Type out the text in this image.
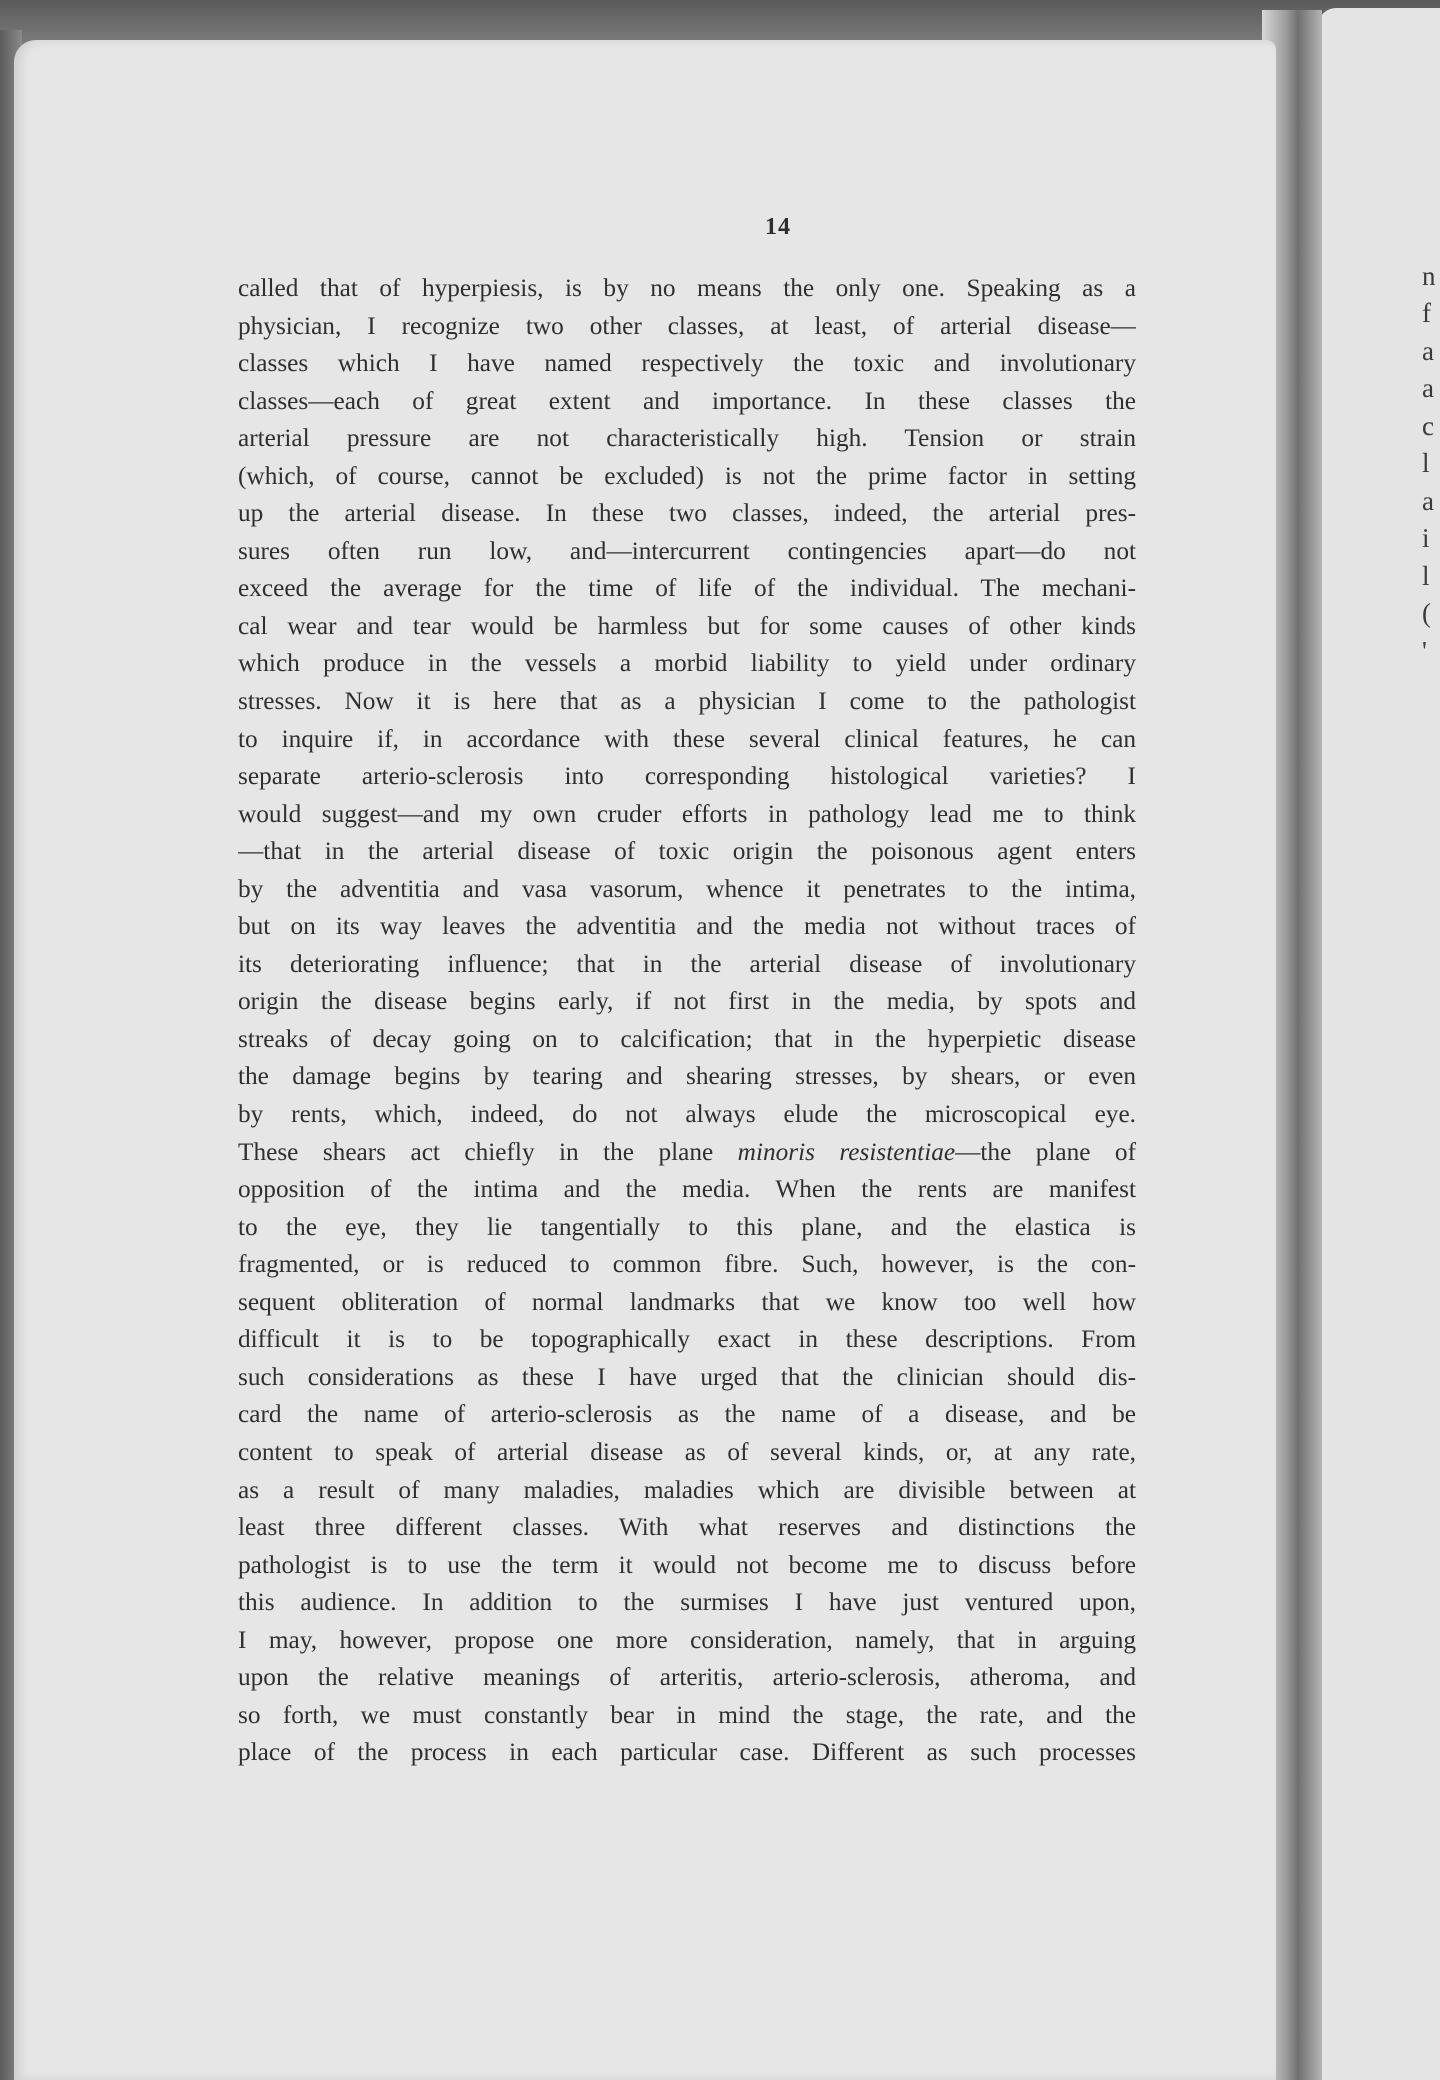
n
f
a
a
c
l
a
i
l
(
'
14
called that of hyperpiesis, is by no means the only one. Speaking as a
physician, I recognize two other classes, at least, of arterial disease—
classes which I have named respectively the toxic and involutionary
classes—each of great extent and importance. In these classes the
arterial pressure are not characteristically high. Tension or strain
(which, of course, cannot be excluded) is not the prime factor in setting
up the arterial disease. In these two classes, indeed, the arterial pres-
sures often run low, and—intercurrent contingencies apart—do not
exceed the average for the time of life of the individual. The mechani-
cal wear and tear would be harmless but for some causes of other kinds
which produce in the vessels a morbid liability to yield under ordinary
stresses. Now it is here that as a physician I come to the pathologist
to inquire if, in accordance with these several clinical features, he can
separate arterio-sclerosis into corresponding histological varieties? I
would suggest—and my own cruder efforts in pathology lead me to think
—that in the arterial disease of toxic origin the poisonous agent enters
by the adventitia and vasa vasorum, whence it penetrates to the intima,
but on its way leaves the adventitia and the media not without traces of
its deteriorating influence; that in the arterial disease of involutionary
origin the disease begins early, if not first in the media, by spots and
streaks of decay going on to calcification; that in the hyperpietic disease
the damage begins by tearing and shearing stresses, by shears, or even
by rents, which, indeed, do not always elude the microscopical eye.
These shears act chiefly in the plane minoris resistentiae—the plane of
opposition of the intima and the media. When the rents are manifest
to the eye, they lie tangentially to this plane, and the elastica is
fragmented, or is reduced to common fibre. Such, however, is the con-
sequent obliteration of normal landmarks that we know too well how
difficult it is to be topographically exact in these descriptions. From
such considerations as these I have urged that the clinician should dis-
card the name of arterio-sclerosis as the name of a disease, and be
content to speak of arterial disease as of several kinds, or, at any rate,
as a result of many maladies, maladies which are divisible between at
least three different classes. With what reserves and distinctions the
pathologist is to use the term it would not become me to discuss before
this audience. In addition to the surmises I have just ventured upon,
I may, however, propose one more consideration, namely, that in arguing
upon the relative meanings of arteritis, arterio-sclerosis, atheroma, and
so forth, we must constantly bear in mind the stage, the rate, and the
place of the process in each particular case. Different as such processes
